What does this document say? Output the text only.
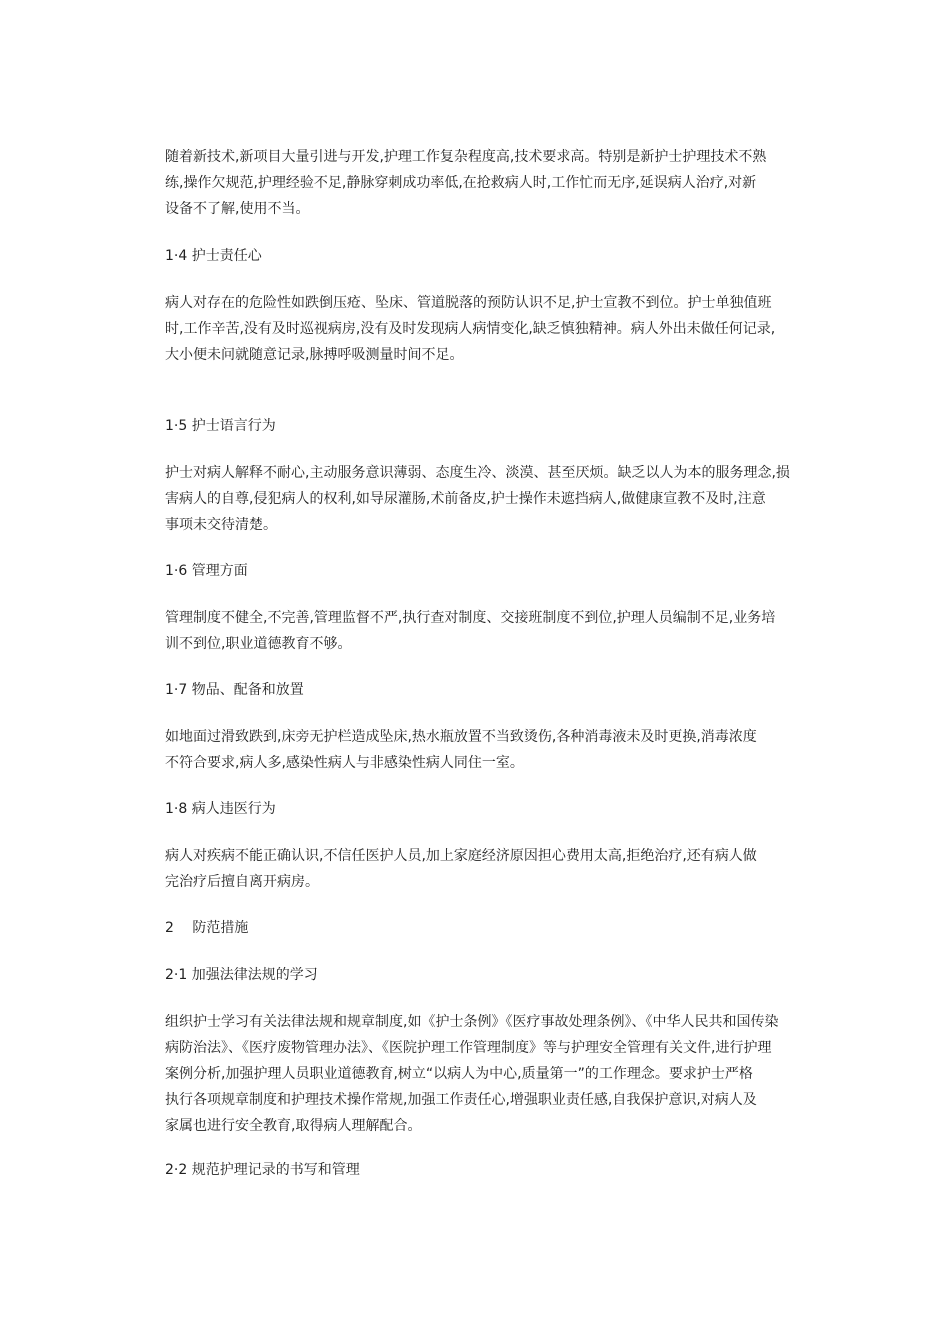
随着新技术,新项目大量引进与开发,护理工作复杂程度高,技术要求高。特别是新护士护理技术不熟
练,操作欠规范,护理经验不足,静脉穿刺成功率低,在抢救病人时,工作忙而无序,延误病人治疗,对新
设备不了解,使用不当。
1·4 护士责任心
病人对存在的危险性如跌倒压疮、坠床、管道脱落的预防认识不足,护士宣教不到位。护士单独值班
时,工作辛苦,没有及时巡视病房,没有及时发现病人病情变化,缺乏慎独精神。病人外出未做任何记录,
大小便未问就随意记录,脉搏呼吸测量时间不足。
1·5 护士语言行为
护士对病人解释不耐心,主动服务意识薄弱、态度生冷、淡漠、甚至厌烦。缺乏以人为本的服务理念,损
害病人的自尊,侵犯病人的权利,如导尿灌肠,术前备皮,护士操作未遮挡病人,做健康宣教不及时,注意
事项未交待清楚。
1·6 管理方面
管理制度不健全,不完善,管理监督不严,执行查对制度、交接班制度不到位,护理人员编制不足,业务培
训不到位,职业道德教育不够。
1·7 物品、配备和放置
如地面过滑致跌到,床旁无护栏造成坠床,热水瓶放置不当致烫伤,各种消毒液未及时更换,消毒浓度
不符合要求,病人多,感染性病人与非感染性病人同住一室。
1·8 病人违医行为
病人对疾病不能正确认识,不信任医护人员,加上家庭经济原因担心费用太高,拒绝治疗,还有病人做
完治疗后擅自离开病房。
2　 防范措施
2·1 加强法律法规的学习
组织护士学习有关法律法规和规章制度,如《护士条例》《医疗事故处理条例》、《中华人民共和国传染
病防治法》、《医疗废物管理办法》、《医院护理工作管理制度》等与护理安全管理有关文件,进行护理
案例分析,加强护理人员职业道德教育,树立“以病人为中心,质量第一”的工作理念。要求护士严格
执行各项规章制度和护理技术操作常规,加强工作责任心,增强职业责任感,自我保护意识,对病人及
家属也进行安全教育,取得病人理解配合。
2·2 规范护理记录的书写和管理
